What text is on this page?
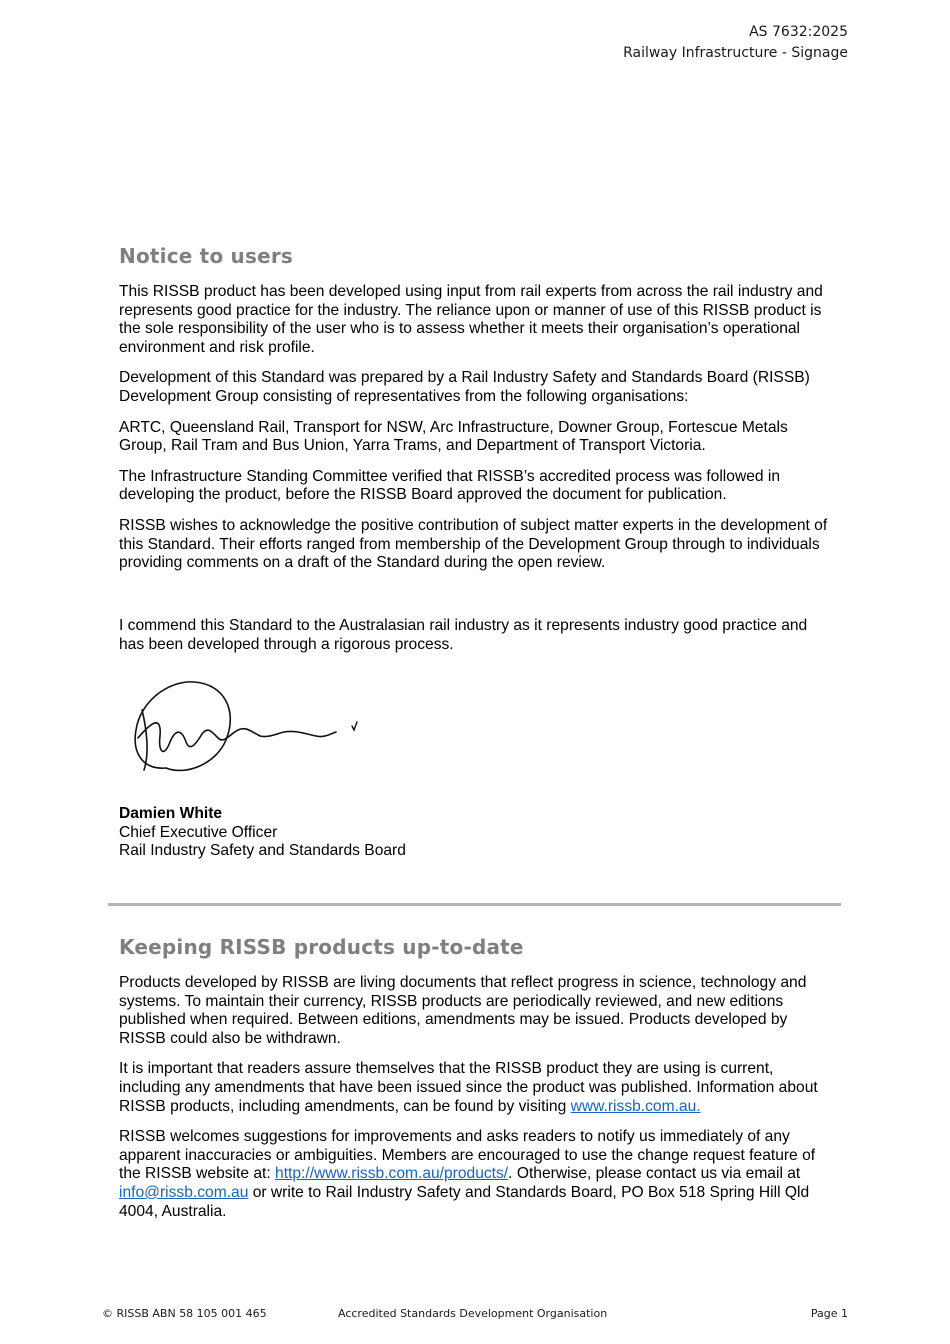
AS 7632:2025
Railway Infrastructure - Signage
Notice to users

This RISSB product has been developed using input from rail experts from across the rail industry and represents good practice for the industry. The reliance upon or manner of use of this RISSB product is the sole responsibility of the user who is to assess whether it meets their organisation’s operational environment and risk profile.

Development of this Standard was prepared by a Rail Industry Safety and Standards Board (RISSB) Development Group consisting of representatives from the following organisations:

ARTC, Queensland Rail, Transport for NSW, Arc Infrastructure, Downer Group, Fortescue Metals Group, Rail Tram and Bus Union, Yarra Trams, and Department of Transport Victoria.

The Infrastructure Standing Committee verified that RISSB’s accredited process was followed in developing the product, before the RISSB Board approved the document for publication.

RISSB wishes to acknowledge the positive contribution of subject matter experts in the development of this Standard. Their efforts ranged from membership of the Development Group through to individuals providing comments on a draft of the Standard during the open review.

I commend this Standard to the Australasian rail industry as it represents industry good practice and has been developed through a rigorous process.

Damien White
Chief Executive Officer
Rail Industry Safety and Standards Board
Keeping RISSB products up-to-date

Products developed by RISSB are living documents that reflect progress in science, technology and systems. To maintain their currency, RISSB products are periodically reviewed, and new editions published when required. Between editions, amendments may be issued. Products developed by RISSB could also be withdrawn.

It is important that readers assure themselves that the RISSB product they are using is current, including any amendments that have been issued since the product was published. Information about RISSB products, including amendments, can be found by visiting www.rissb.com.au.

RISSB welcomes suggestions for improvements and asks readers to notify us immediately of any apparent inaccuracies or ambiguities. Members are encouraged to use the change request feature of the RISSB website at: http://www.rissb.com.au/products/. Otherwise, please contact us via email at info@rissb.com.au or write to Rail Industry Safety and Standards Board, PO Box 518 Spring Hill Qld 4004, Australia.

© RISSB ABN 58 105 001 465	Accredited Standards Development Organisation	Page 1
